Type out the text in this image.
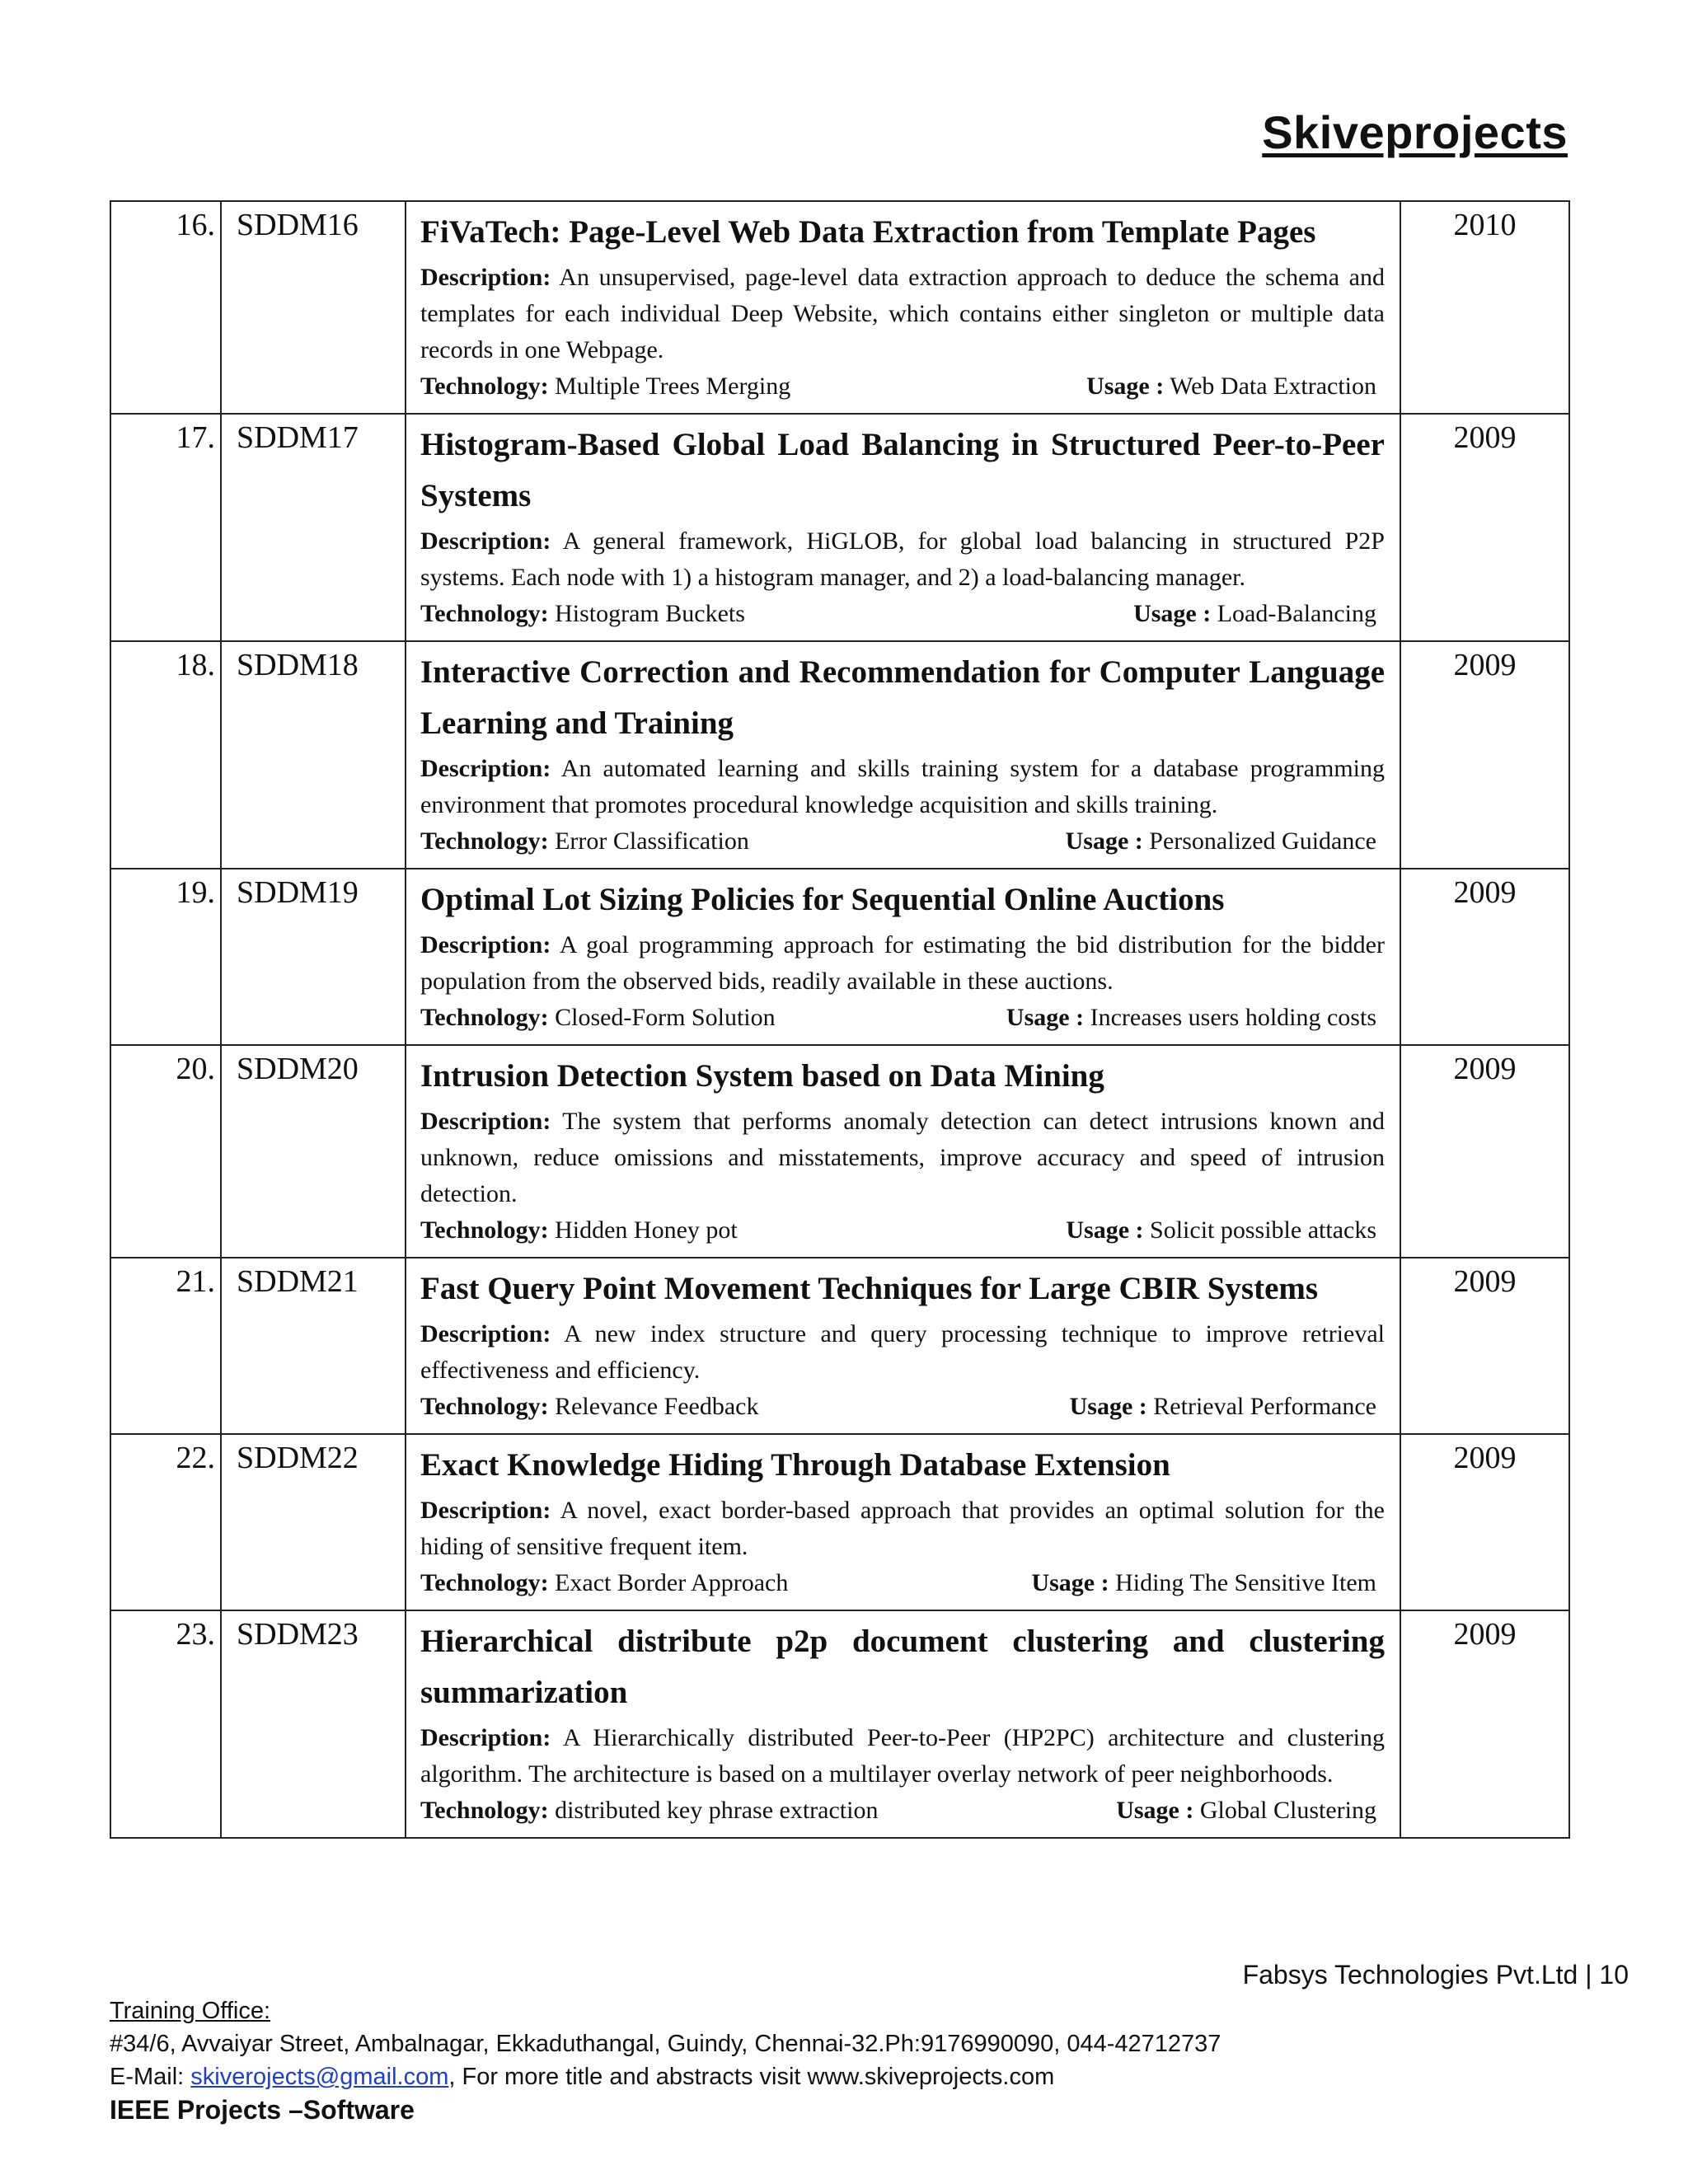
Skiveprojects
16.	SDDM16	FiVaTech: Page-Level Web Data Extraction from Template Pages
Description: An unsupervised, page-level data extraction approach to deduce the schema and templates for each individual Deep Website, which contains either singleton or multiple data records in one Webpage.
Technology: Multiple Trees Merging Usage : Web Data Extraction	2010
17.	SDDM17	Histogram-Based Global Load Balancing in Structured Peer-to-Peer Systems
Description: A general framework, HiGLOB, for global load balancing in structured P2P systems. Each node with 1) a histogram manager, and 2) a load-balancing manager.
Technology: Histogram Buckets Usage : Load-Balancing	2009
18.	SDDM18	Interactive Correction and Recommendation for Computer Language Learning and Training
Description: An automated learning and skills training system for a database programming environment that promotes procedural knowledge acquisition and skills training.
Technology: Error Classification Usage : Personalized Guidance	2009
19.	SDDM19	Optimal Lot Sizing Policies for Sequential Online Auctions
Description: A goal programming approach for estimating the bid distribution for the bidder population from the observed bids, readily available in these auctions.
Technology: Closed-Form Solution Usage : Increases users holding costs	2009
20.	SDDM20	Intrusion Detection System based on Data Mining
Description: The system that performs anomaly detection can detect intrusions known and unknown, reduce omissions and misstatements, improve accuracy and speed of intrusion detection.
Technology: Hidden Honey pot Usage : Solicit possible attacks	2009
21.	SDDM21	Fast Query Point Movement Techniques for Large CBIR Systems
Description: A new index structure and query processing technique to improve retrieval effectiveness and efficiency.
Technology: Relevance Feedback Usage : Retrieval Performance	2009
22.	SDDM22	Exact Knowledge Hiding Through Database Extension
Description: A novel, exact border-based approach that provides an optimal solution for the hiding of sensitive frequent item.
Technology: Exact Border Approach Usage : Hiding The Sensitive Item	2009
23.	SDDM23	Hierarchical distribute p2p document clustering and clustering summarization
Description: A Hierarchically distributed Peer-to-Peer (HP2PC) architecture and clustering algorithm. The architecture is based on a multilayer overlay network of peer neighborhoods.
Technology: distributed key phrase extraction Usage : Global Clustering	2009
Fabsys Technologies Pvt.Ltd | 10
Training Office:
#34/6, Avvaiyar Street, Ambalnagar, Ekkaduthangal, Guindy, Chennai-32.Ph:9176990090, 044-42712737
E-Mail: skiverojects@gmail.com, For more title and abstracts visit www.skiveprojects.com
IEEE Projects –Software
